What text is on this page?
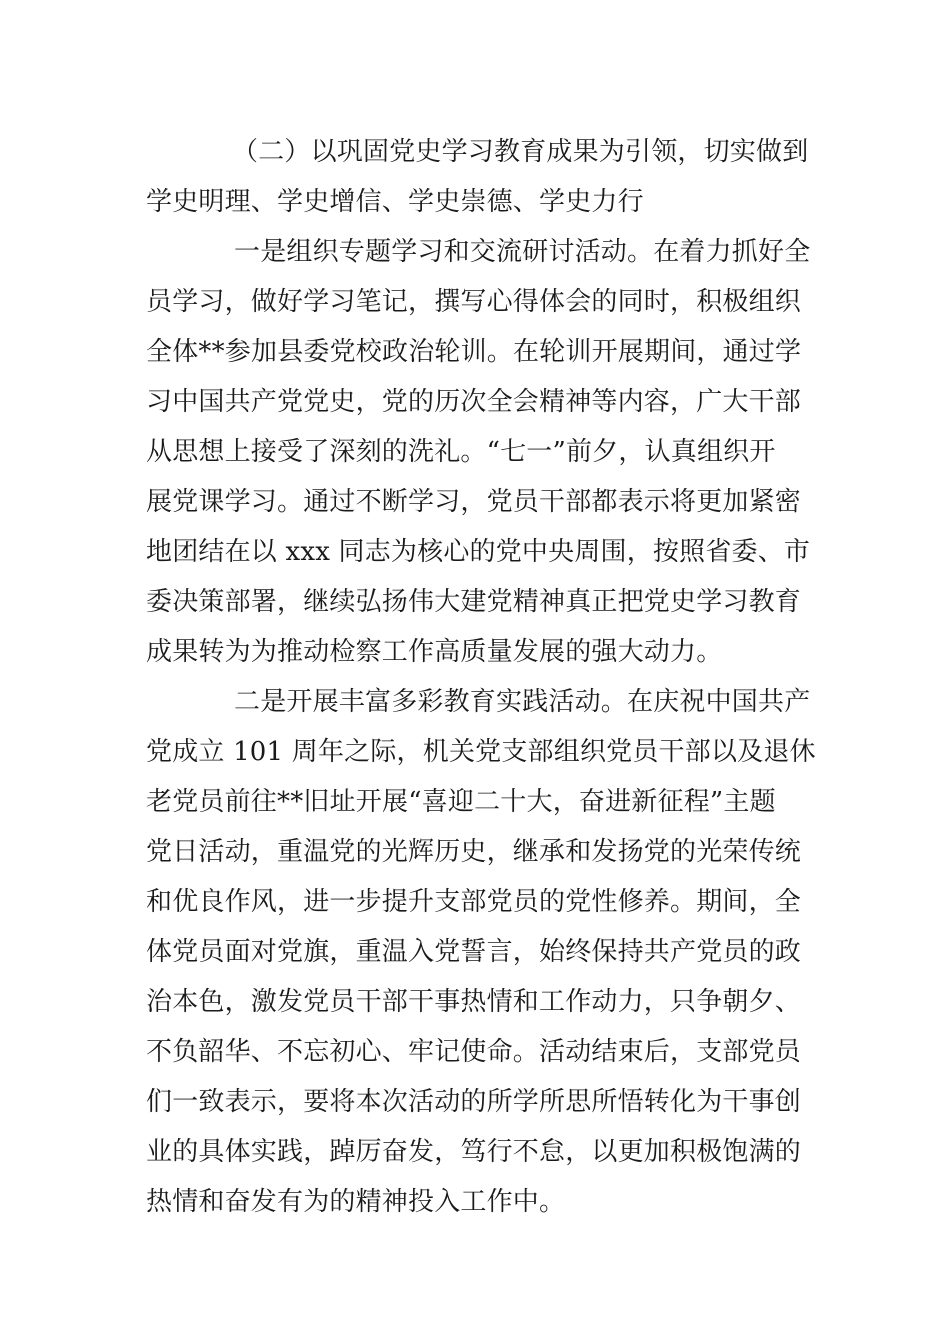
（二）以巩固党史学习教育成果为引领，切实做到
学史明理、学史增信、学史崇德、学史力行
一是组织专题学习和交流研讨活动。在着力抓好全
员学习，做好学习笔记，撰写心得体会的同时，积极组织
全体**参加县委党校政治轮训。在轮训开展期间，通过学
习中国共产党党史，党的历次全会精神等内容，广大干部
从思想上接受了深刻的洗礼。“七一”前夕，认真组织开
展党课学习。通过不断学习，党员干部都表示将更加紧密
地团结在以 xxx 同志为核心的党中央周围，按照省委、市
委决策部署，继续弘扬伟大建党精神真正把党史学习教育
成果转为为推动检察工作高质量发展的强大动力。
二是开展丰富多彩教育实践活动。在庆祝中国共产
党成立 101 周年之际，机关党支部组织党员干部以及退休
老党员前往**旧址开展“喜迎二十大，奋进新征程”主题
党日活动，重温党的光辉历史，继承和发扬党的光荣传统
和优良作风，进一步提升支部党员的党性修养。期间，全
体党员面对党旗，重温入党誓言，始终保持共产党员的政
治本色，激发党员干部干事热情和工作动力，只争朝夕、
不负韶华、不忘初心、牢记使命。活动结束后，支部党员
们一致表示，要将本次活动的所学所思所悟转化为干事创
业的具体实践，踔厉奋发，笃行不怠，以更加积极饱满的
热情和奋发有为的精神投入工作中。
